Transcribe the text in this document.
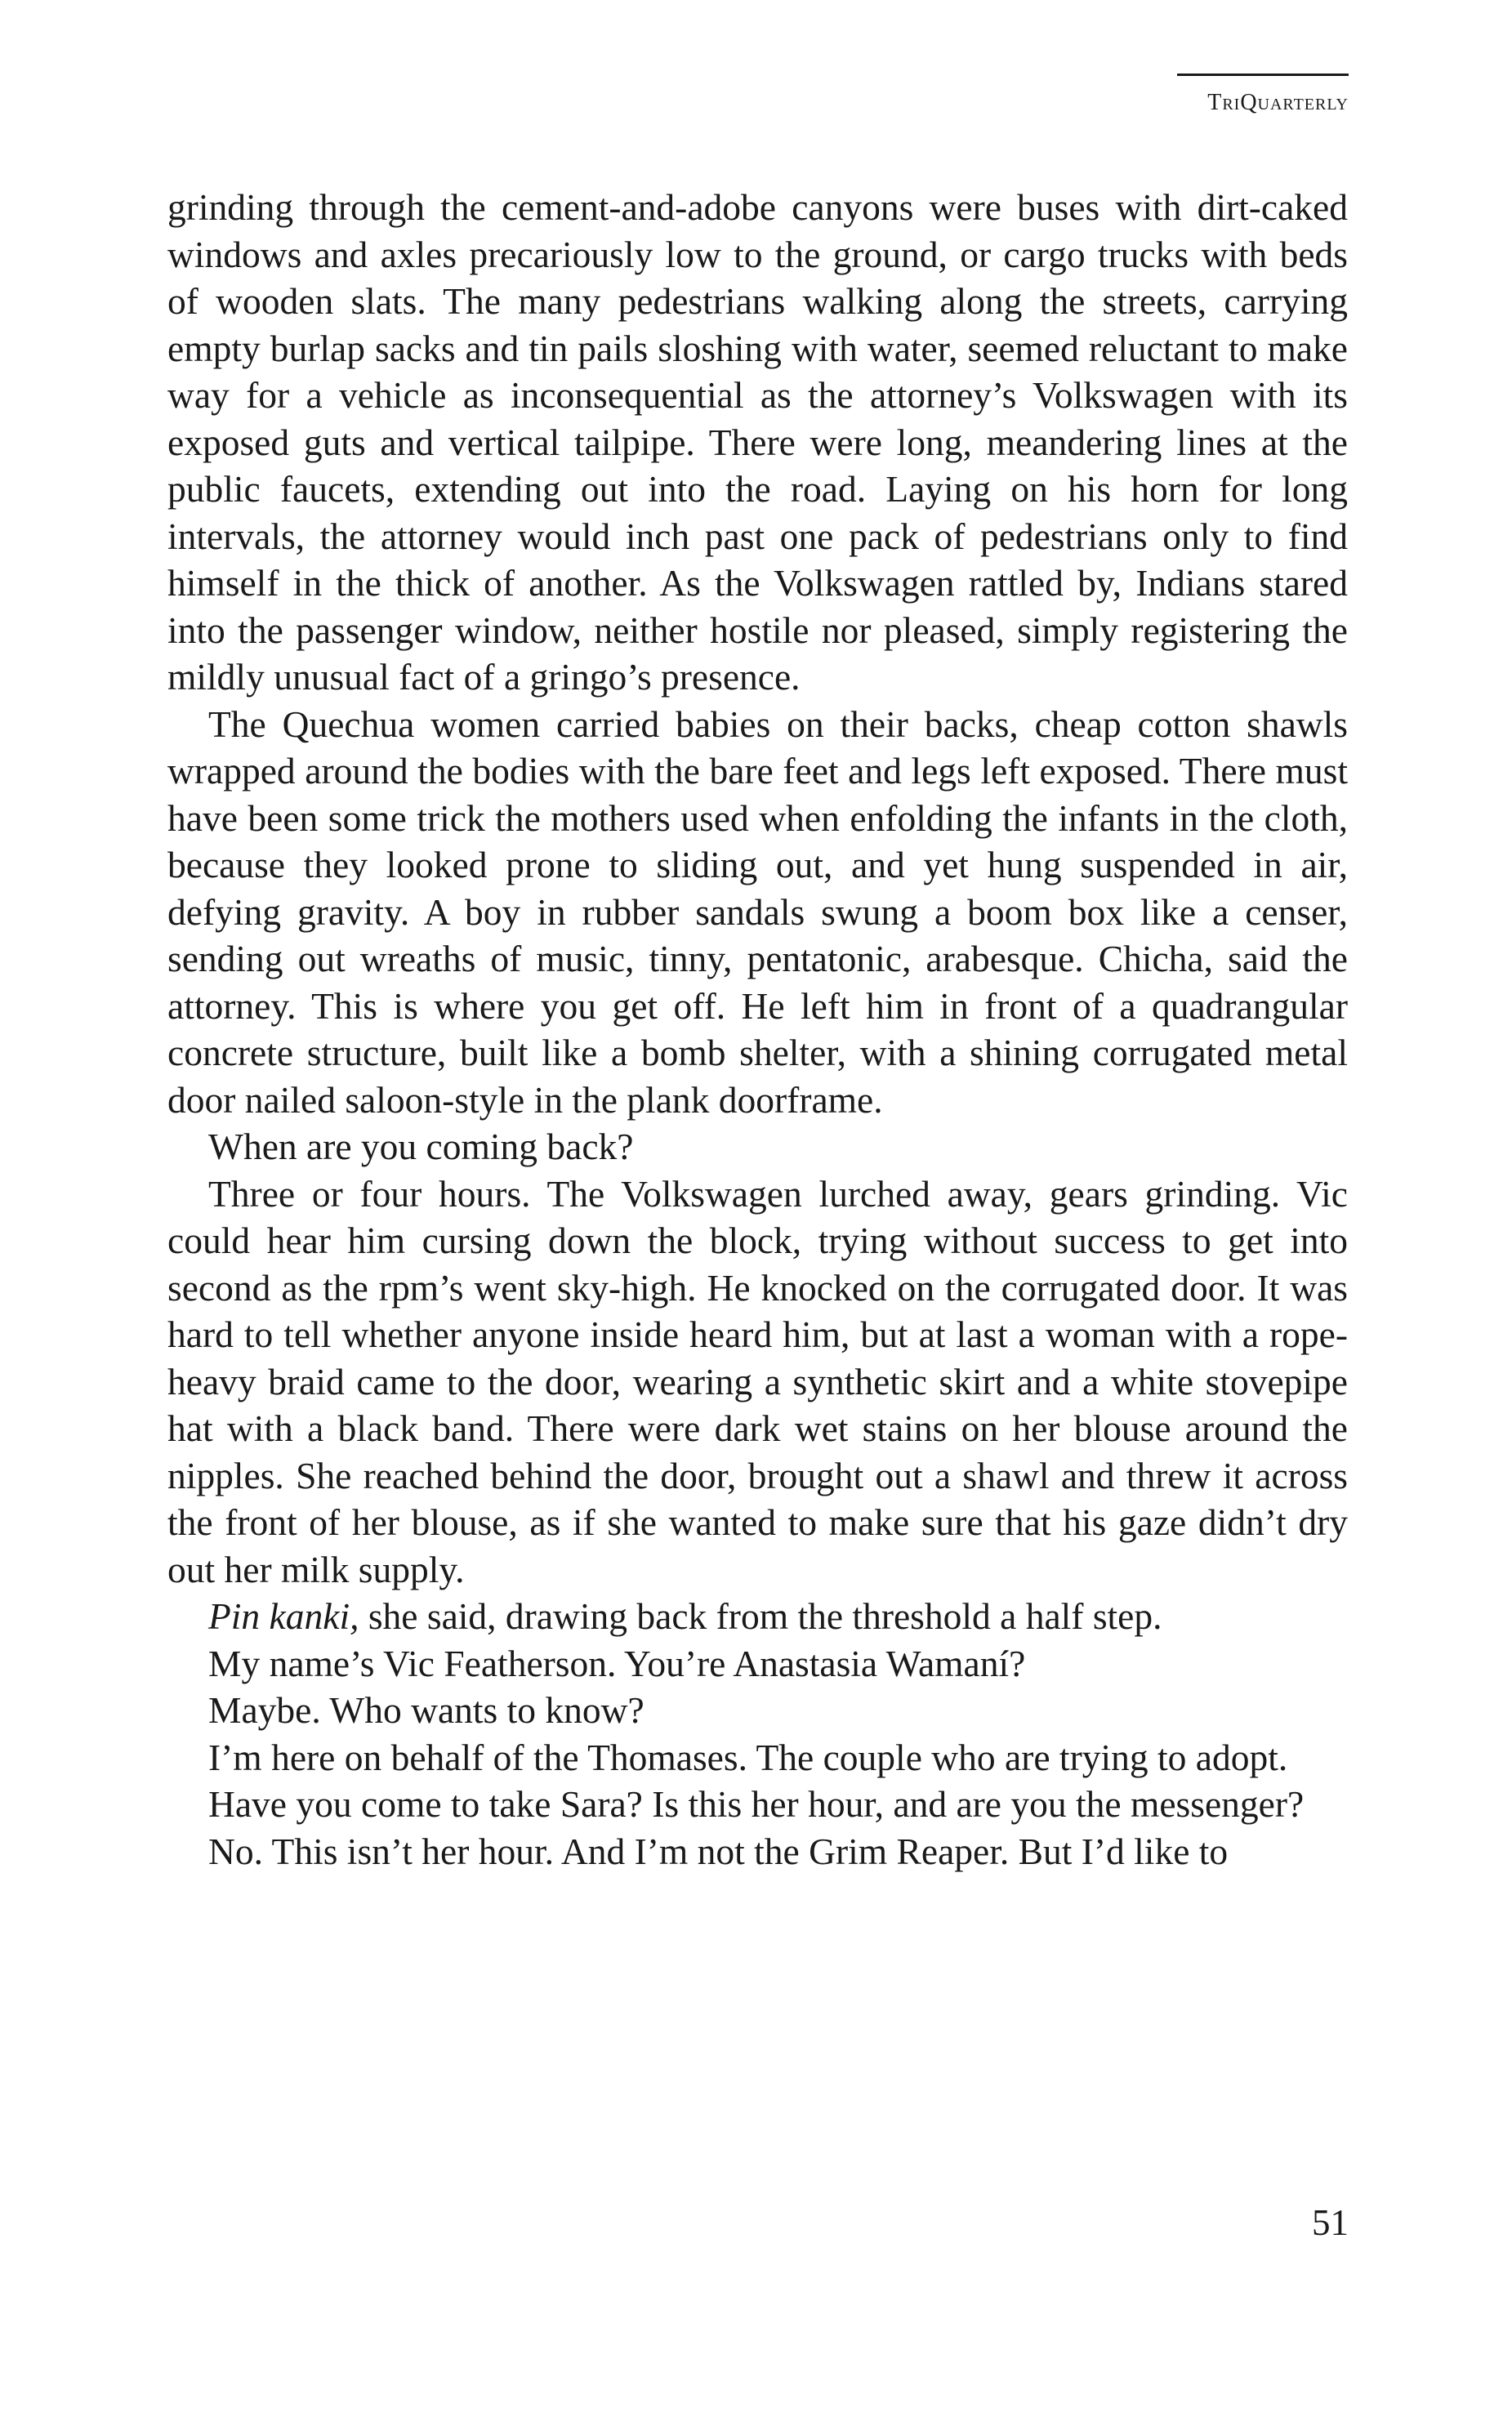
TriQuarterly

grinding through the cement-and-adobe canyons were buses with dirt-caked windows and axles precariously low to the ground, or cargo trucks with beds of wooden slats. The many pedestrians walking along the streets, carrying empty burlap sacks and tin pails sloshing with water, seemed reluctant to make way for a vehicle as inconsequential as the attorney’s Volkswagen with its exposed guts and vertical tailpipe. There were long, meandering lines at the public faucets, extending out into the road. Laying on his horn for long intervals, the attorney would inch past one pack of pedestrians only to find himself in the thick of another. As the Volkswagen rattled by, Indians stared into the passenger window, neither hostile nor pleased, simply registering the mildly unusual fact of a gringo’s presence.

The Quechua women carried babies on their backs, cheap cotton shawls wrapped around the bodies with the bare feet and legs left exposed. There must have been some trick the mothers used when enfolding the infants in the cloth, because they looked prone to sliding out, and yet hung suspended in air, defying gravity. A boy in rubber sandals swung a boom box like a censer, sending out wreaths of music, tinny, pentatonic, arabesque. Chicha, said the attorney. This is where you get off. He left him in front of a quadrangular concrete structure, built like a bomb shelter, with a shining corrugated metal door nailed saloon-style in the plank doorframe.

When are you coming back?

Three or four hours. The Volkswagen lurched away, gears grinding. Vic could hear him cursing down the block, trying without success to get into second as the rpm’s went sky-high. He knocked on the corrugated door. It was hard to tell whether anyone inside heard him, but at last a woman with a rope-heavy braid came to the door, wearing a synthetic skirt and a white stovepipe hat with a black band. There were dark wet stains on her blouse around the nipples. She reached behind the door, brought out a shawl and threw it across the front of her blouse, as if she wanted to make sure that his gaze didn’t dry out her milk supply.

Pin kanki, she said, drawing back from the threshold a half step.

My name’s Vic Featherson. You’re Anastasia Wamaní?

Maybe. Who wants to know?

I’m here on behalf of the Thomases. The couple who are trying to adopt.

Have you come to take Sara? Is this her hour, and are you the messenger?

No. This isn’t her hour. And I’m not the Grim Reaper. But I’d like to

51
